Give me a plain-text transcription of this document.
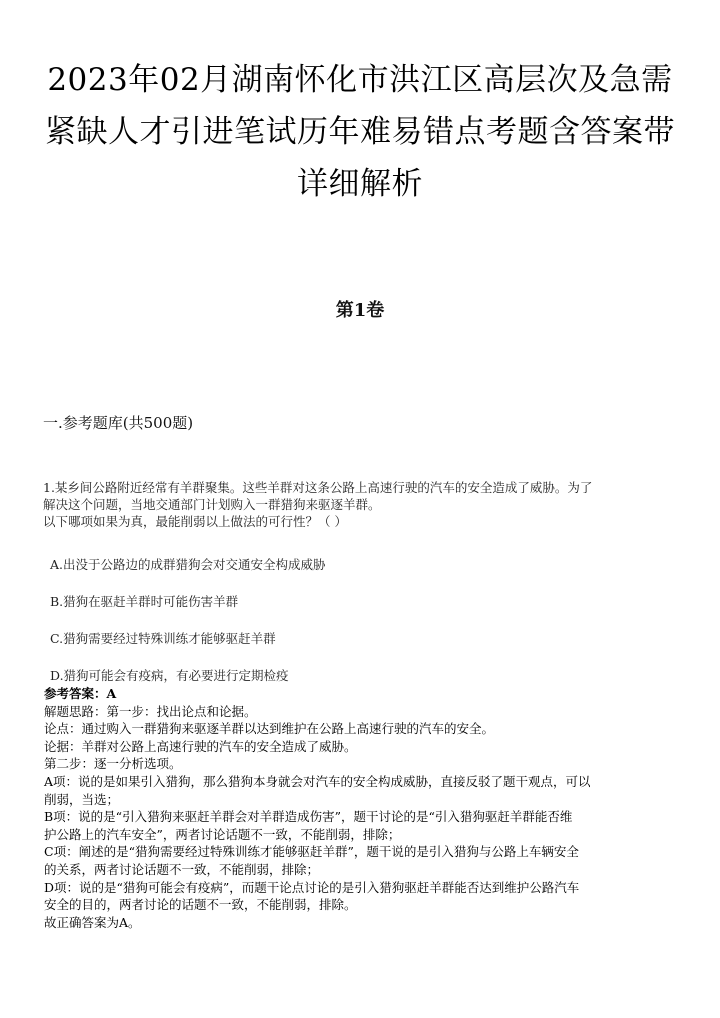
2023年02月湖南怀化市洪江区高层次及急需
紧缺人才引进笔试历年难易错点考题含答案带
详细解析
第1卷
一.参考题库(共500题)
1.某乡间公路附近经常有羊群聚集。这些羊群对这条公路上高速行驶的汽车的安全造成了威胁。为了
解决这个问题，当地交通部门计划购入一群猎狗来驱逐羊群。
以下哪项如果为真，最能削弱以上做法的可行性？（ ）
A.出没于公路边的成群猎狗会对交通安全构成威胁
B.猎狗在驱赶羊群时可能伤害羊群
C.猎狗需要经过特殊训练才能够驱赶羊群
D.猎狗可能会有疫病，有必要进行定期检疫
参考答案：A
解题思路：第一步：找出论点和论据。
论点：通过购入一群猎狗来驱逐羊群以达到维护在公路上高速行驶的汽车的安全。
论据：羊群对公路上高速行驶的汽车的安全造成了威胁。
第二步：逐一分析选项。
A项：说的是如果引入猎狗，那么猎狗本身就会对汽车的安全构成威胁，直接反驳了题干观点，可以
削弱，当选；
B项：说的是“引入猎狗来驱赶羊群会对羊群造成伤害”，题干讨论的是“引入猎狗驱赶羊群能否维
护公路上的汽车安全”，两者讨论话题不一致，不能削弱，排除；
C项：阐述的是“猎狗需要经过特殊训练才能够驱赶羊群”，题干说的是引入猎狗与公路上车辆安全
的关系，两者讨论话题不一致，不能削弱，排除；
D项：说的是“猎狗可能会有疫病”，而题干论点讨论的是引入猎狗驱赶羊群能否达到维护公路汽车
安全的目的，两者讨论的话题不一致，不能削弱，排除。
故正确答案为A。
